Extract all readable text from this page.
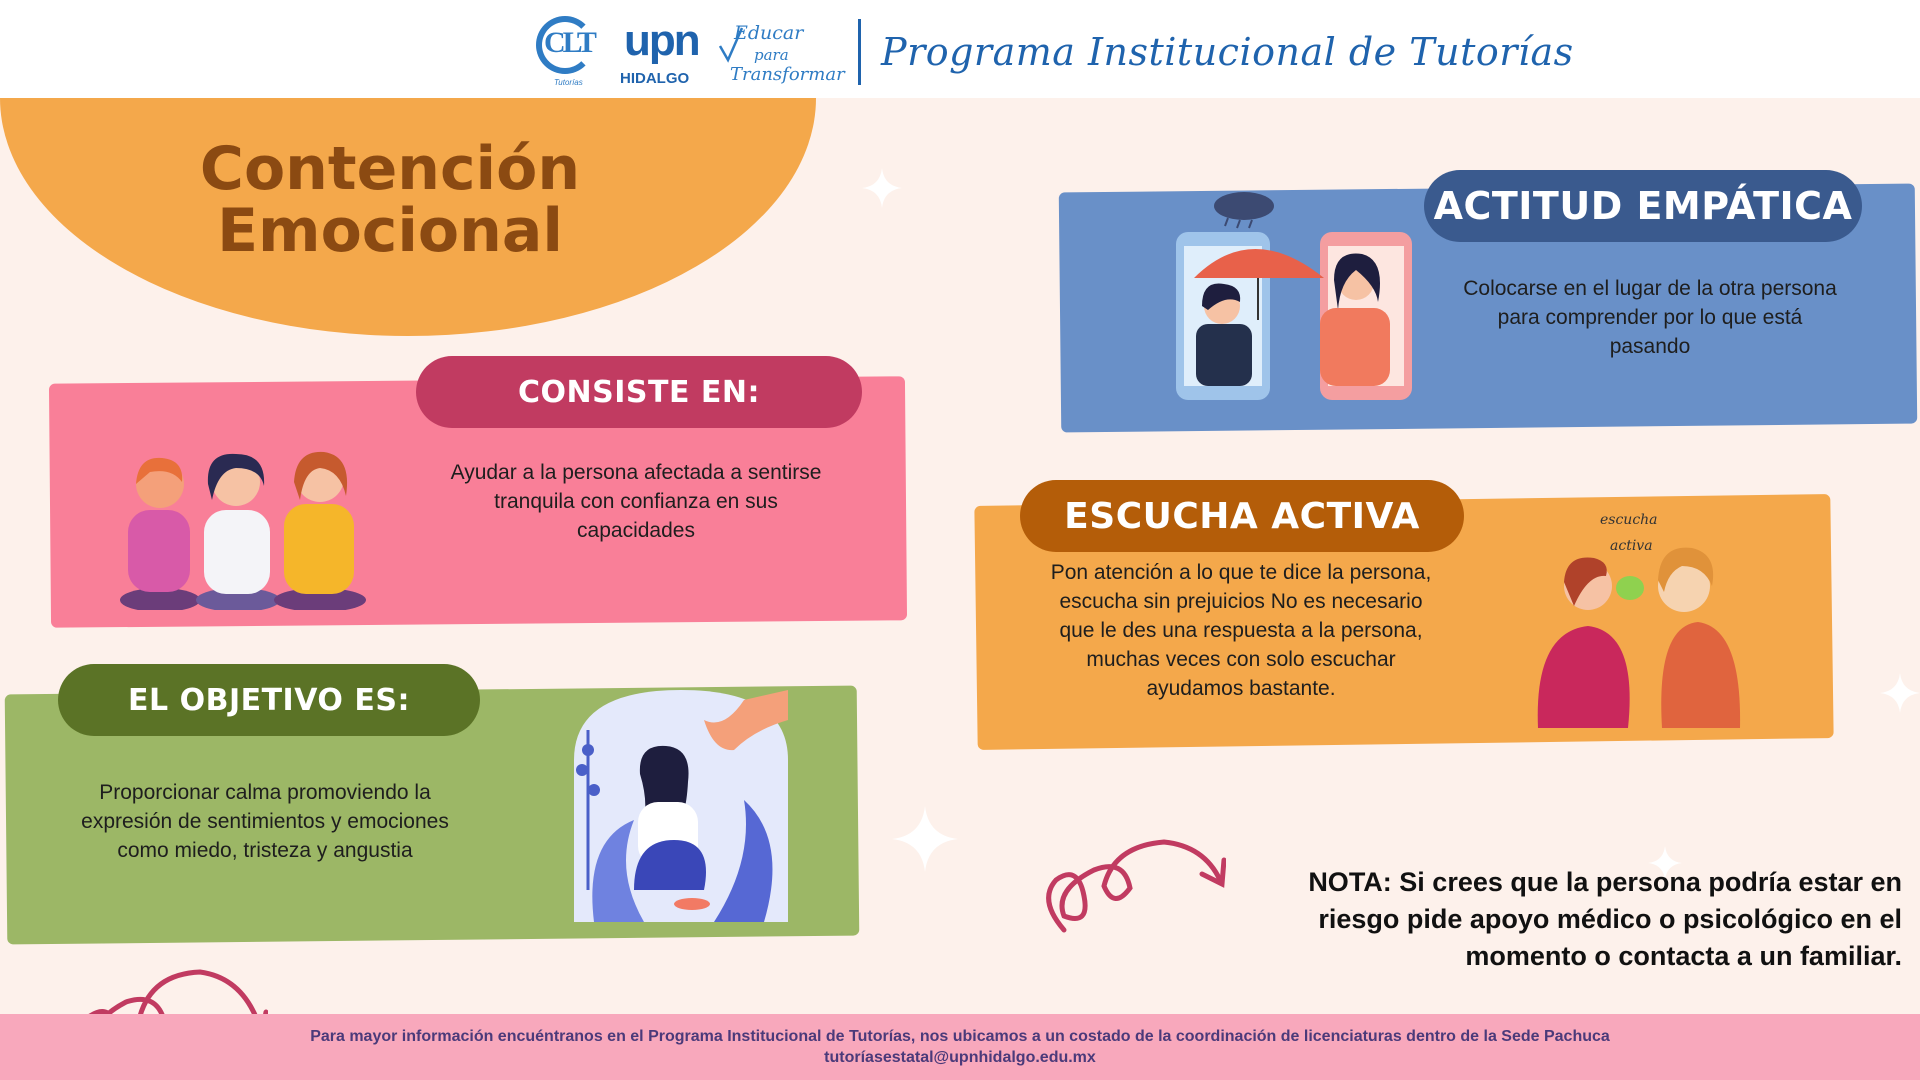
CLT
Tutorías
upn
HIDALGO
Educar
para
Transformar
Programa Institucional de Tutorías
Contención
Emocional
CONSISTE EN:
EL OBJETIVO ES:
ACTITUD EMPÁTICA
ESCUCHA ACTIVA
Ayudar a la persona afectada a sentirse tranquila con confianza en sus capacidades
Proporcionar calma promoviendo la expresión de sentimientos y emociones como miedo, tristeza y angustia
Colocarse en el lugar de la otra persona para comprender por lo que está pasando
Pon atención a lo que te dice la persona, escucha sin prejuicios No es necesario que le des una respuesta a la persona, muchas veces con solo escuchar ayudamos bastante.
escucha
activa
NOTA: Si crees que la persona podría estar en riesgo pide apoyo médico o psicológico en el momento o contacta a un familiar.
Para mayor información encuéntranos en el Programa Institucional de Tutorías, nos ubicamos a un costado de la coordinación de licenciaturas dentro de la Sede Pachuca
tutoríasestatal@upnhidalgo.edu.mx
